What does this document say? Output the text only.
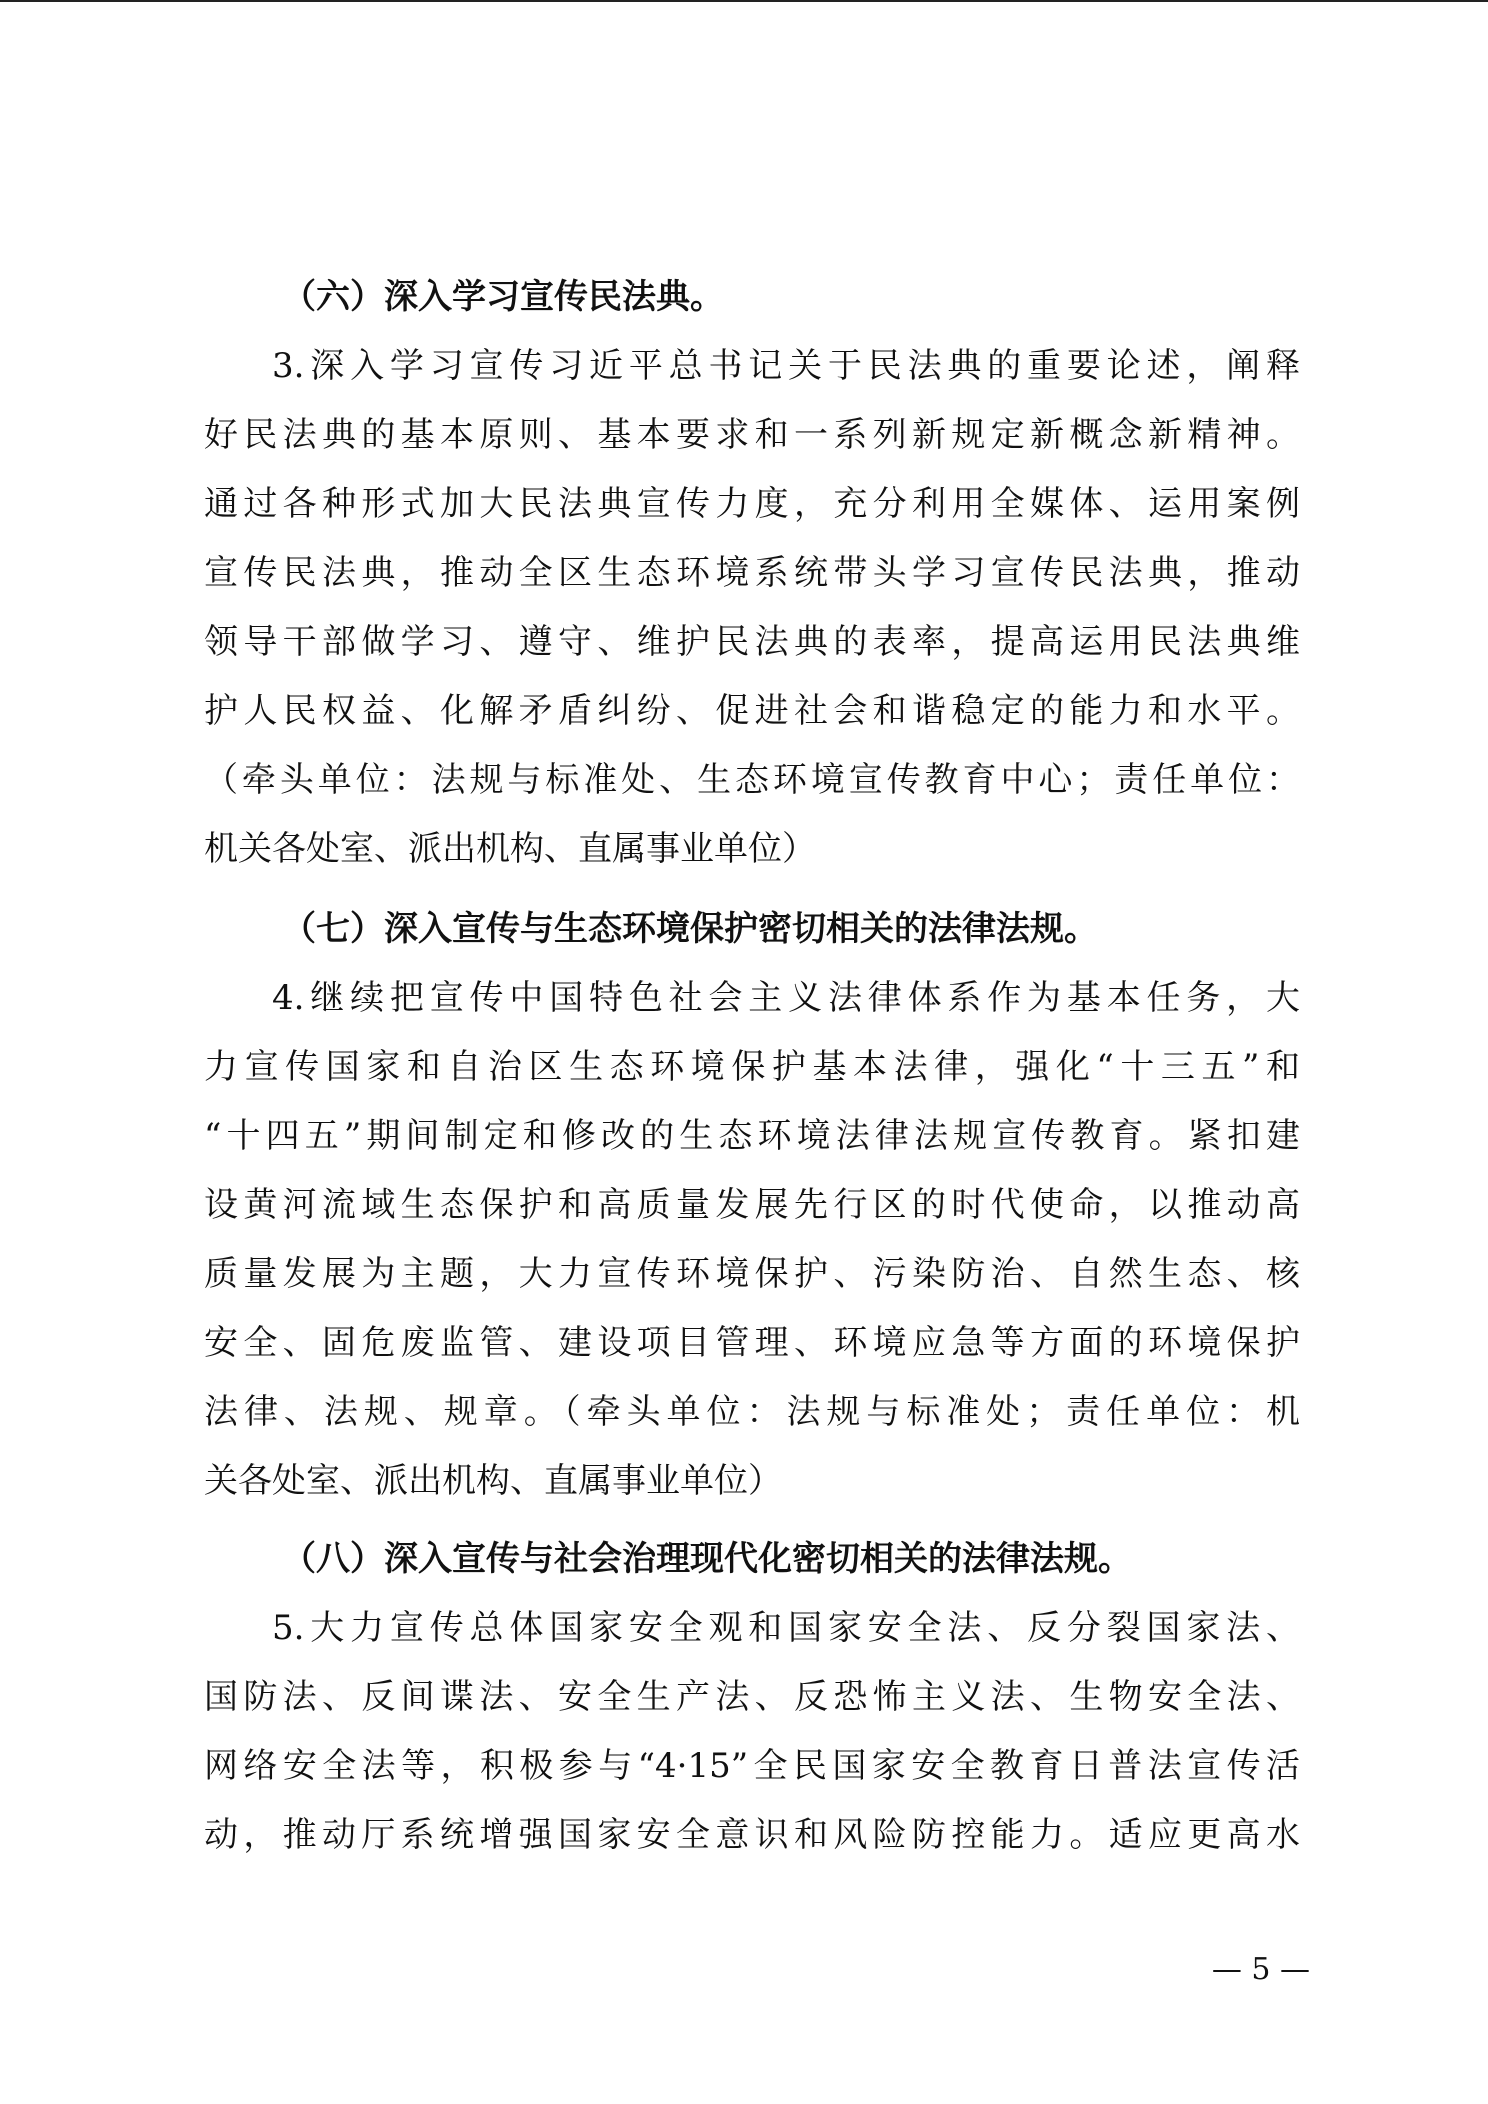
（六）深入学习宣传民法典。
3.深入学习宣传习近平总书记关于民法典的重要论述，阐释
好民法典的基本原则、基本要求和一系列新规定新概念新精神。
通过各种形式加大民法典宣传力度，充分利用全媒体、运用案例
宣传民法典，推动全区生态环境系统带头学习宣传民法典，推动
领导干部做学习、遵守、维护民法典的表率，提高运用民法典维
护人民权益、化解矛盾纠纷、促进社会和谐稳定的能力和水平。
（牵头单位：法规与标准处、生态环境宣传教育中心；责任单位：
机关各处室、派出机构、直属事业单位）
（七）深入宣传与生态环境保护密切相关的法律法规。
4.继续把宣传中国特色社会主义法律体系作为基本任务，大
力宣传国家和自治区生态环境保护基本法律，强化“十三五”和
“十四五”期间制定和修改的生态环境法律法规宣传教育。紧扣建
设黄河流域生态保护和高质量发展先行区的时代使命，以推动高
质量发展为主题，大力宣传环境保护、污染防治、自然生态、核
安全、固危废监管、建设项目管理、环境应急等方面的环境保护
法律、法规、规章。（牵头单位：法规与标准处；责任单位：机
关各处室、派出机构、直属事业单位）
（八）深入宣传与社会治理现代化密切相关的法律法规。
5.大力宣传总体国家安全观和国家安全法、反分裂国家法、
国防法、反间谍法、安全生产法、反恐怖主义法、生物安全法、
网络安全法等，积极参与“4·15”全民国家安全教育日普法宣传活
动，推动厅系统增强国家安全意识和风险防控能力。适应更高水
— 5 —
